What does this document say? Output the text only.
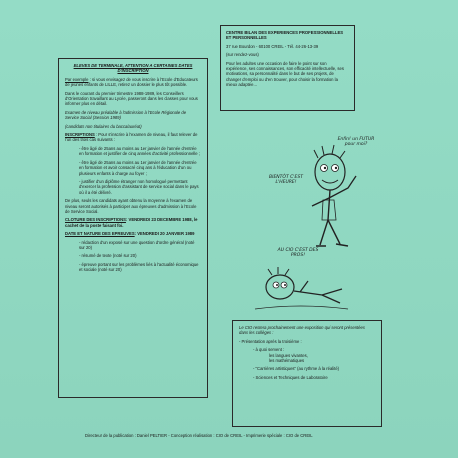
CENTRE BILAN DES EXPERIENCES PROFESSIONNELLES ET PERSONNELLES

37 rue Bourdon - 60100 CREIL - Tél. 44-26-13-39

(sur rendez-vous)

Pour les adultes une occasion de faire le point sur son expérience, ses connaissances, son efficacité intellectuelle, ses motivations, sa personnalité dans le but de ses projets, de changer d'emploi ou d'en trouver, pour choisir la formation la mieux adaptée...

ELEVES DE TERMINALE, ATTENTION A CERTAINES DATES
D'INSCRIPTION

Par exemple : si vous envisagez de vous inscrire à l'Ecole d'Educateurs de jeunes enfants de LILLE, retirez un dossier le plus tôt possible.

Dans le courant du premier trimestre 1988-1989, les Conseillers d'Orientation travaillant au Lycée, passeront dans les classes pour vous informer plus en détail.

Examen de niveau préalable à l'admission à l'Ecole Régionale de Service Social (Session 1989)

(candidats non titulaires du baccalauréat)

INSCRIPTIONS : Pour s'inscrire à l'examen de niveau, il faut relever de l'un des trois cas suivants :

- être âgé de 25ans au moins au 1er janvier de l'année d'entrée en formation et justifier de cinq années d'activité professionnelle ;

- être âgé de 25ans au moins au 1er janvier de l'année d'entrée en formation et avoir consacré cinq ans à l'éducation d'un ou plusieurs enfants à charge au foyer ;

- justifier d'un diplôme étranger non homologué permettant d'exercer la profession d'assistant de service social dans le pays où il a été délivré.

De plus, seuls les candidats ayant obtenu la moyenne à l'examen de niveau seront autorisés à participer aux épreuves d'admission à l'Ecole de Service Social.

CLOTURE DES INSCRIPTIONS: VENDREDI 23 DECEMBRE 1988, le cachet de la poste faisant foi.

DATE ET NATURE DES EPREUVES: VENDREDI 20 JANVIER 1989

- rédaction d'un exposé sur une question d'ordre général (noté sur 20)

- résumé de texte (noté sur 20)

- épreuve portant sur les problèmes liés à l'actualité économique et sociale (noté sur 20)

Enfin! un FUTUR pour moi?
BIENTÔT C'EST L'HEURE!
AU CIO C'EST DES PROS!

Le CIO restera prochainement une exposition qui seront présentées dans les collèges :

- Présentation après la troisième :

- à quoi servent :

les langues vivantes,

les mathématiques

- "Carrières artistiques" (au rythme à la réalité)

- Sciences et Techniques de Laboratoire

Directeur de la publication : Daniel PELTIER - Conception réalisation : CIO de CREIL - Imprimerie spéciale : CIO de CREIL
